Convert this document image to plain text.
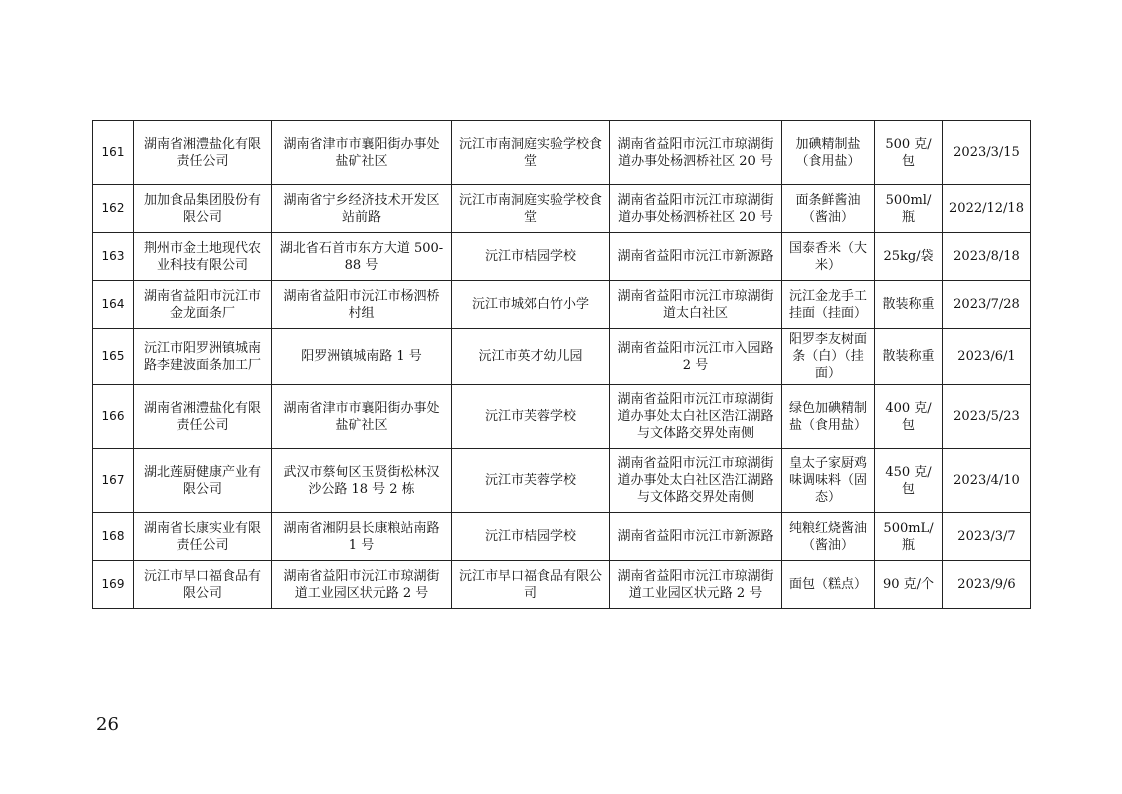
161	湖南省湘澧盐化有限责任公司	湖南省津市市襄阳街办事处盐矿社区	沅江市南洞庭实验学校食堂	湖南省益阳市沅江市琼湖街道办事处杨泗桥社区 20 号	加碘精制盐（食用盐）	500 克/包	2023/3/15
162	加加食品集团股份有限公司	湖南省宁乡经济技术开发区站前路	沅江市南洞庭实验学校食堂	湖南省益阳市沅江市琼湖街道办事处杨泗桥社区 20 号	面条鲜酱油（酱油）	500ml/瓶	2022/12/18
163	荆州市金土地现代农业科技有限公司	湖北省石首市东方大道 500-88 号	沅江市桔园学校	湖南省益阳市沅江市新源路	国泰香米（大米）	25kg/袋	2023/8/18
164	湖南省益阳市沅江市金龙面条厂	湖南省益阳市沅江市杨泗桥村组	沅江市城郊白竹小学	湖南省益阳市沅江市琼湖街道太白社区	沅江金龙手工挂面（挂面）	散装称重	2023/7/28
165	沅江市阳罗洲镇城南路李建波面条加工厂	阳罗洲镇城南路 1 号	沅江市英才幼儿园	湖南省益阳市沅江市入园路 2 号	阳罗李友树面条（白）（挂面）	散装称重	2023/6/1
166	湖南省湘澧盐化有限责任公司	湖南省津市市襄阳街办事处盐矿社区	沅江市芙蓉学校	湖南省益阳市沅江市琼湖街道办事处太白社区浩江湖路与文体路交界处南侧	绿色加碘精制盐（食用盐）	400 克/包	2023/5/23
167	湖北莲厨健康产业有限公司	武汉市蔡甸区玉贤街松林汉沙公路 18 号 2 栋	沅江市芙蓉学校	湖南省益阳市沅江市琼湖街道办事处太白社区浩江湖路与文体路交界处南侧	皇太子家厨鸡味调味料（固态）	450 克/包	2023/4/10
168	湖南省长康实业有限责任公司	湖南省湘阴县长康粮站南路 1 号	沅江市桔园学校	湖南省益阳市沅江市新源路	纯粮红烧酱油（酱油）	500mL/瓶	2023/3/7
169	沅江市早口福食品有限公司	湖南省益阳市沅江市琼湖街道工业园区状元路 2 号	沅江市早口福食品有限公司	湖南省益阳市沅江市琼湖街道工业园区状元路 2 号	面包（糕点）	90 克/个	2023/9/6
26
